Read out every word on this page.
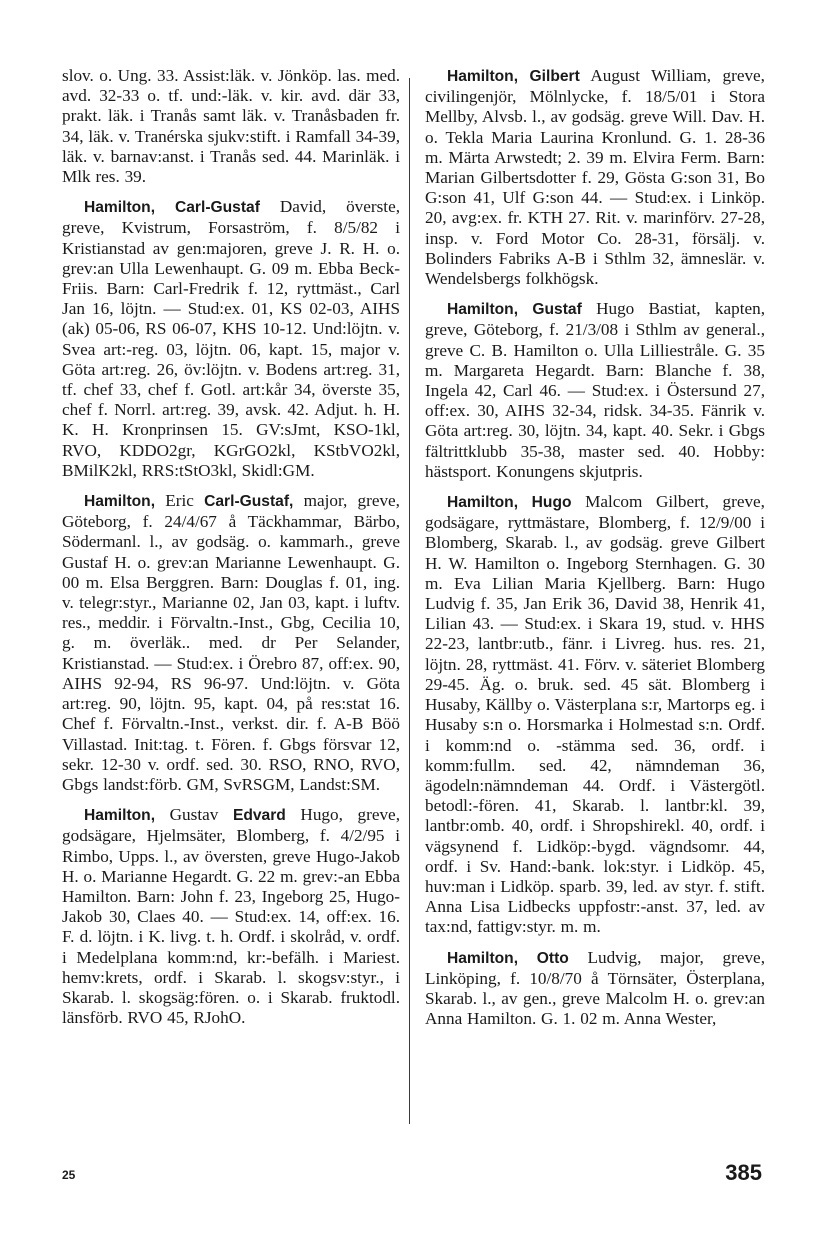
slov. o. Ung. 33. Assist:läk. v. Jönköp. las. med. avd. 32-33 o. tf. und:-läk. v. kir. avd. där 33, prakt. läk. i Tranås samt läk. v. Tranåsbaden fr. 34, läk. v. Tranérska sjukv:stift. i Ramfall 34-39, läk. v. barnav:anst. i Tranås sed. 44. Marinläk. i Mlk res. 39.

Hamilton, Carl-Gustaf David, överste, greve, Kvistrum, Forsaström, f. 8/5/82 i Kristianstad av gen:majoren, greve J. R. H. o. grev:an Ulla Lewenhaupt. G. 09 m. Ebba Beck-Friis. Barn: Carl-Fredrik f. 12, ryttmäst., Carl Jan 16, löjtn. — Stud:ex. 01, KS 02-03, AIHS (ak) 05-06, RS 06-07, KHS 10-12. Und:löjtn. v. Svea art:-reg. 03, löjtn. 06, kapt. 15, major v. Göta art:reg. 26, öv:löjtn. v. Bodens art:reg. 31, tf. chef 33, chef f. Gotl. art:kår 34, överste 35, chef f. Norrl. art:reg. 39, avsk. 42. Adjut. h. H. K. H. Kronprinsen 15. GV:sJmt, KSO-1kl, RVO, KDDO2gr, KGrGO2kl, KStbVO2kl, BMilK2kl, RRS:tStO3kl, Skidl:GM.

Hamilton, Eric Carl-Gustaf, major, greve, Göteborg, f. 24/4/67 å Täckhammar, Bärbo, Södermanl. l., av godsäg. o. kammarh., greve Gustaf H. o. grev:an Marianne Lewenhaupt. G. 00 m. Elsa Berggren. Barn: Douglas f. 01, ing. v. telegr:styr., Marianne 02, Jan 03, kapt. i luftv. res., meddir. i Förvaltn.-Inst., Gbg, Cecilia 10, g. m. överläk.. med. dr Per Selander, Kristianstad. — Stud:ex. i Örebro 87, off:ex. 90, AIHS 92-94, RS 96-97. Und:löjtn. v. Göta art:reg. 90, löjtn. 95, kapt. 04, på res:stat 16. Chef f. Förvaltn.-Inst., verkst. dir. f. A-B Böö Villastad. Init:tag. t. Fören. f. Gbgs försvar 12, sekr. 12-30 v. ordf. sed. 30. RSO, RNO, RVO, Gbgs landst:förb. GM, SvRSGM, Landst:SM.

Hamilton, Gustav Edvard Hugo, greve, godsägare, Hjelmsäter, Blomberg, f. 4/2/95 i Rimbo, Upps. l., av översten, greve Hugo-Jakob H. o. Marianne Hegardt. G. 22 m. grev:-an Ebba Hamilton. Barn: John f. 23, Ingeborg 25, Hugo-Jakob 30, Claes 40. — Stud:ex. 14, off:ex. 16. F. d. löjtn. i K. livg. t. h. Ordf. i skolråd, v. ordf. i Medelplana komm:nd, kr:-befälh. i Mariest. hemv:krets, ordf. i Skarab. l. skogsv:styr., i Skarab. l. skogsäg:fören. o. i Skarab. fruktodl. länsförb. RVO 45, RJohO.

Hamilton, Gilbert August William, greve, civilingenjör, Mölnlycke, f. 18/5/01 i Stora Mellby, Alvsb. l., av godsäg. greve Will. Dav. H. o. Tekla Maria Laurina Kronlund. G. 1. 28-36 m. Märta Arwstedt; 2. 39 m. Elvira Ferm. Barn: Marian Gilbertsdotter f. 29, Gösta G:son 31, Bo G:son 41, Ulf G:son 44. — Stud:ex. i Linköp. 20, avg:ex. fr. KTH 27. Rit. v. marinförv. 27-28, insp. v. Ford Motor Co. 28-31, försälj. v. Bolinders Fabriks A-B i Sthlm 32, ämneslär. v. Wendelsbergs folkhögsk.

Hamilton, Gustaf Hugo Bastiat, kapten, greve, Göteborg, f. 21/3/08 i Sthlm av general., greve C. B. Hamilton o. Ulla Lilliestråle. G. 35 m. Margareta Hegardt. Barn: Blanche f. 38, Ingela 42, Carl 46. — Stud:ex. i Östersund 27, off:ex. 30, AIHS 32-34, ridsk. 34-35. Fänrik v. Göta art:reg. 30, löjtn. 34, kapt. 40. Sekr. i Gbgs fältrittklubb 35-38, master sed. 40. Hobby: hästsport. Konungens skjutpris.

Hamilton, Hugo Malcom Gilbert, greve, godsägare, ryttmästare, Blomberg, f. 12/9/00 i Blomberg, Skarab. l., av godsäg. greve Gilbert H. W. Hamilton o. Ingeborg Sternhagen. G. 30 m. Eva Lilian Maria Kjellberg. Barn: Hugo Ludvig f. 35, Jan Erik 36, David 38, Henrik 41, Lilian 43. — Stud:ex. i Skara 19, stud. v. HHS 22-23, lantbr:utb., fänr. i Livreg. hus. res. 21, löjtn. 28, ryttmäst. 41. Förv. v. säteriet Blomberg 29-45. Äg. o. bruk. sed. 45 sät. Blomberg i Husaby, Källby o. Västerplana s:r, Martorps eg. i Husaby s:n o. Horsmarka i Holmestad s:n. Ordf. i komm:nd o. -stämma sed. 36, ordf. i komm:fullm. sed. 42, nämndeman 36, ägodeln:nämndeman 44. Ordf. i Västergötl. betodl:-fören. 41, Skarab. l. lantbr:kl. 39, lantbr:omb. 40, ordf. i Shropshirekl. 40, ordf. i vägsynend f. Lidköp:-bygd. vägndsomr. 44, ordf. i Sv. Hand:-bank. lok:styr. i Lidköp. 45, huv:man i Lidköp. sparb. 39, led. av styr. f. stift. Anna Lisa Lidbecks uppfostr:-anst. 37, led. av tax:nd, fattigv:styr. m. m.

Hamilton, Otto Ludvig, major, greve, Linköping, f. 10/8/70 å Törnsäter, Österplana, Skarab. l., av gen., greve Malcolm H. o. grev:an Anna Hamilton. G. 1. 02 m. Anna Wester,

25	385
